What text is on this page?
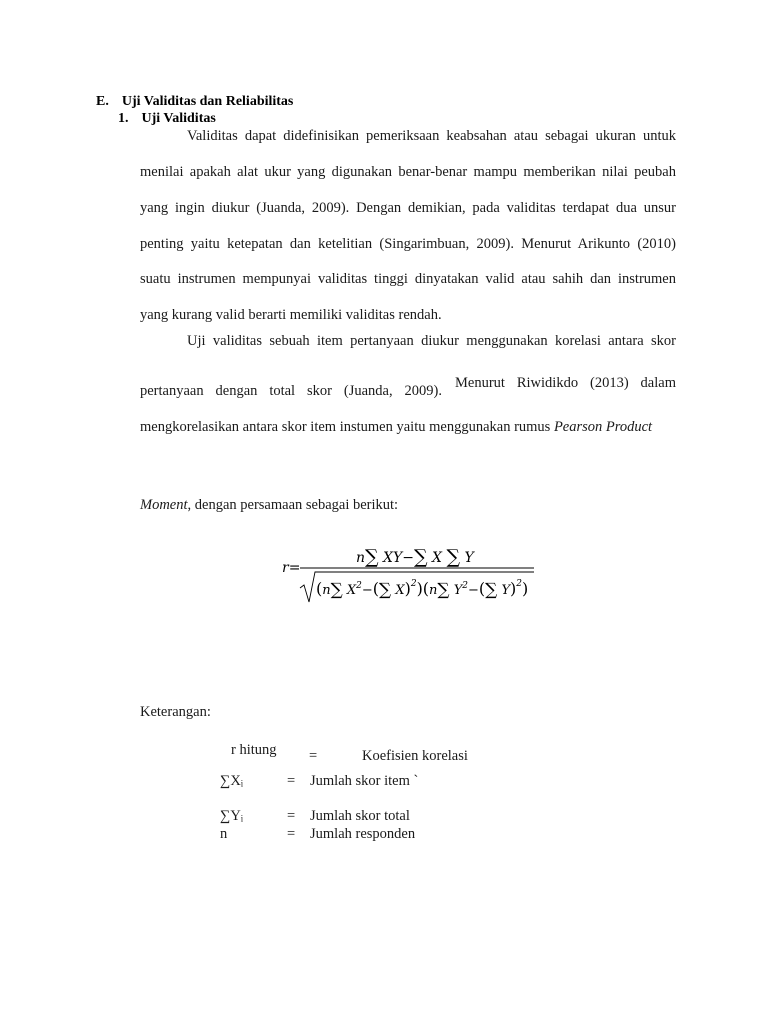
E. Uji Validitas dan Reliabilitas
1. Uji Validitas
Validitas dapat didefinisikan pemeriksaan keabsahan atau sebagai ukuran untuk
menilai apakah alat ukur yang digunakan benar-benar mampu memberikan nilai peubah
yang ingin diukur (Juanda, 2009). Dengan demikian, pada validitas terdapat dua unsur
penting yaitu ketepatan dan ketelitian (Singarimbuan, 2009). Menurut Arikunto (2010)
suatu instrumen mempunyai validitas tinggi dinyatakan valid atau sahih dan instrumen
yang kurang valid berarti memiliki validitas rendah.
Uji validitas sebuah item pertanyaan diukur menggunakan korelasi antara skor
pertanyaan dengan total skor (Juanda, 2009). Menurut Riwidikdo (2013) dalam
mengkorelasikan antara skor item instumen yaitu menggunakan rumus Pearson Product
Moment, dengan persamaan sebagai berikut:
r=
n∑ XY−∑ X ∑ Y
(n∑ $X^2-(\sum$ X)$^2$)(n∑ $Y^2-(\sum$ Y)$^2$)
Keterangan:
r hitung =	Koefisien korelasi
∑Xᵢ	= Jumlah skor item `
∑Yᵢ	= Jumlah skor total
n	= Jumlah responden
